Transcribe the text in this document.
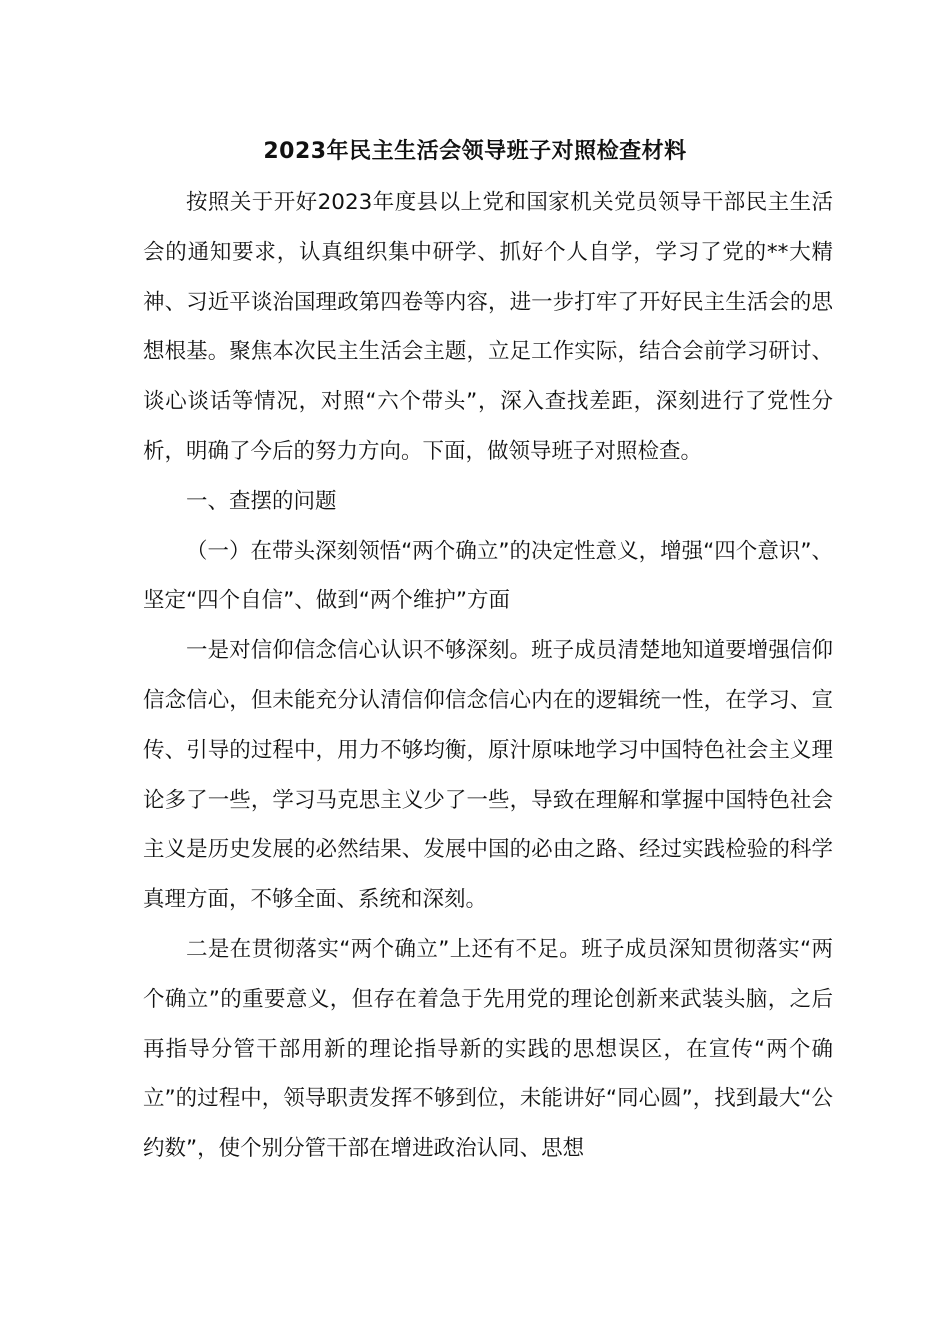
2023年民主生活会领导班子对照检查材料

按照关于开好2023年度县以上党和国家机关党员领导干部民主生活会的通知要求，认真组织集中研学、抓好个人自学，学习了党的**大精神、习近平谈治国理政第四卷等内容，进一步打牢了开好民主生活会的思想根基。聚焦本次民主生活会主题，立足工作实际，结合会前学习研讨、谈心谈话等情况，对照“六个带头”，深入查找差距，深刻进行了党性分析，明确了今后的努力方向。下面，做领导班子对照检查。

一、查摆的问题

（一）在带头深刻领悟“两个确立”的决定性意义，增强“四个意识”、坚定“四个自信”、做到“两个维护”方面

一是对信仰信念信心认识不够深刻。班子成员清楚地知道要增强信仰信念信心，但未能充分认清信仰信念信心内在的逻辑统一性，在学习、宣传、引导的过程中，用力不够均衡，原汁原味地学习中国特色社会主义理论多了一些，学习马克思主义少了一些，导致在理解和掌握中国特色社会主义是历史发展的必然结果、发展中国的必由之路、经过实践检验的科学真理方面，不够全面、系统和深刻。

二是在贯彻落实“两个确立”上还有不足。班子成员深知贯彻落实“两个确立”的重要意义，但存在着急于先用党的理论创新来武装头脑，之后再指导分管干部用新的理论指导新的实践的思想误区，在宣传“两个确立”的过程中，领导职责发挥不够到位，未能讲好“同心圆”，找到最大“公约数”，使个别分管干部在增进政治认同、思想
